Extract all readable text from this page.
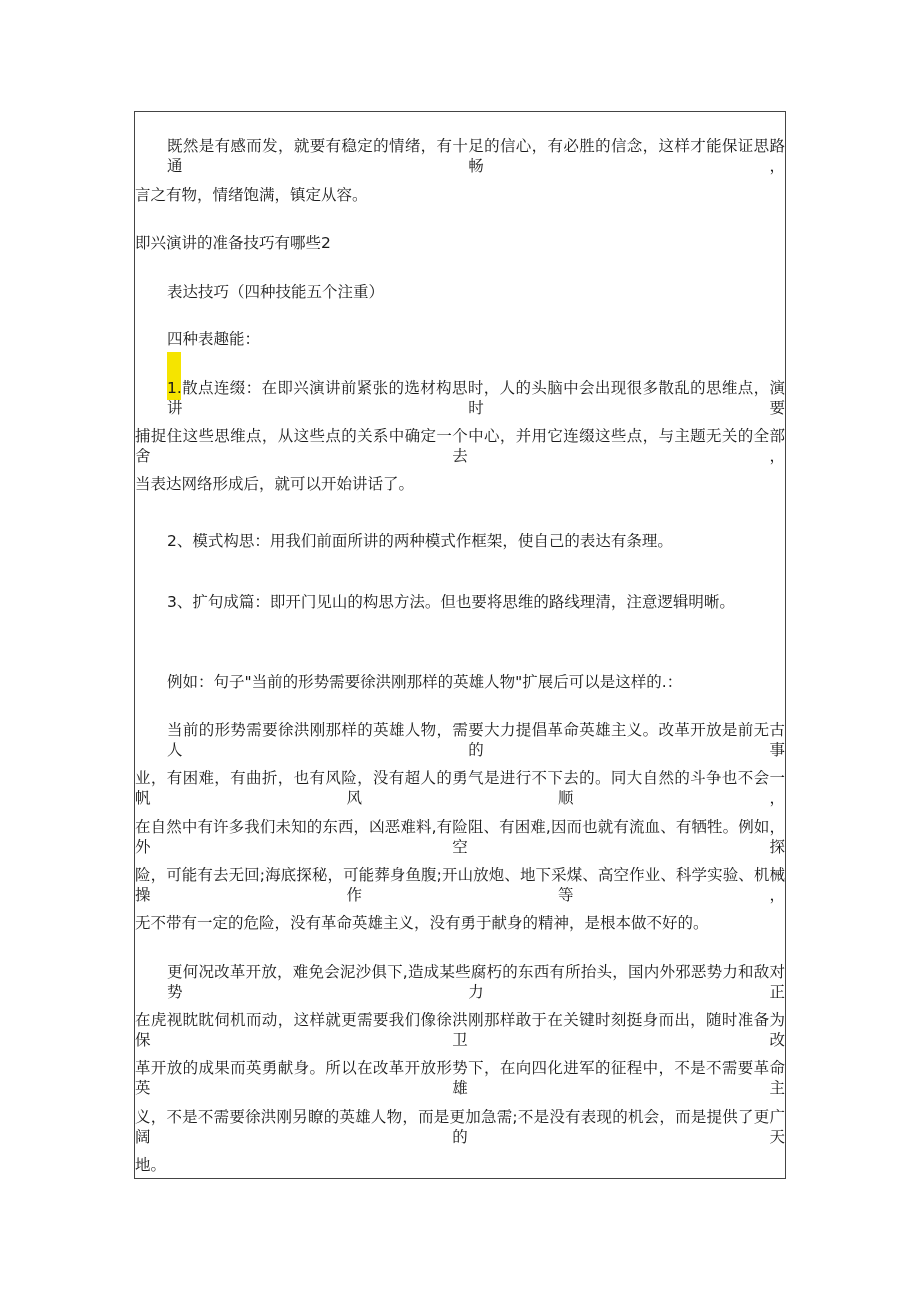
既然是有感而发，就要有稳定的情绪，有十足的信心，有必胜的信念，这样才能保证思路通畅，
言之有物，情绪饱满，镇定从容。
即兴演讲的准备技巧有哪些2
表达技巧（四种技能五个注重）
四种表趣能：
1.散点连缀：在即兴演讲前紧张的选材构思时，人的头脑中会出现很多散乱的思维点，演讲时要
捕捉住这些思维点，从这些点的关系中确定一个中心，并用它连缀这些点，与主题无关的全部舍去，
当表达网络形成后，就可以开始讲话了。
2、模式构思：用我们前面所讲的两种模式作框架，使自己的表达有条理。
3、扩句成篇：即开门见山的构思方法。但也要将思维的路线理清，注意逻辑明晰。
例如：句子"当前的形势需要徐洪刚那样的英雄人物"扩展后可以是这样的.：
当前的形势需要徐洪刚那样的英雄人物，需要大力提倡革命英雄主义。改革开放是前无古人的事
业，有困难，有曲折，也有风险，没有超人的勇气是进行不下去的。同大自然的斗争也不会一帆风顺，
在自然中有许多我们未知的东西，凶恶难料,有险阻、有困难,因而也就有流血、有牺牲。例如，外空探
险，可能有去无回;海底探秘，可能葬身鱼腹;开山放炮、地下采煤、高空作业、科学实验、机械操作等，
无不带有一定的危险，没有革命英雄主义，没有勇于献身的精神，是根本做不好的。
更何况改革开放，难免会泥沙俱下,造成某些腐朽的东西有所抬头，国内外邪恶势力和敌对势力正
在虎视眈眈伺机而动，这样就更需要我们像徐洪刚那样敢于在关键时刻挺身而出，随时准备为保卫改
革开放的成果而英勇献身。所以在改革开放形势下，在向四化进军的征程中，不是不需要革命英雄主
义，不是不需要徐洪刚另瞭的英雄人物，而是更加急需;不是没有表现的机会，而是提供了更广阔的天
地。
